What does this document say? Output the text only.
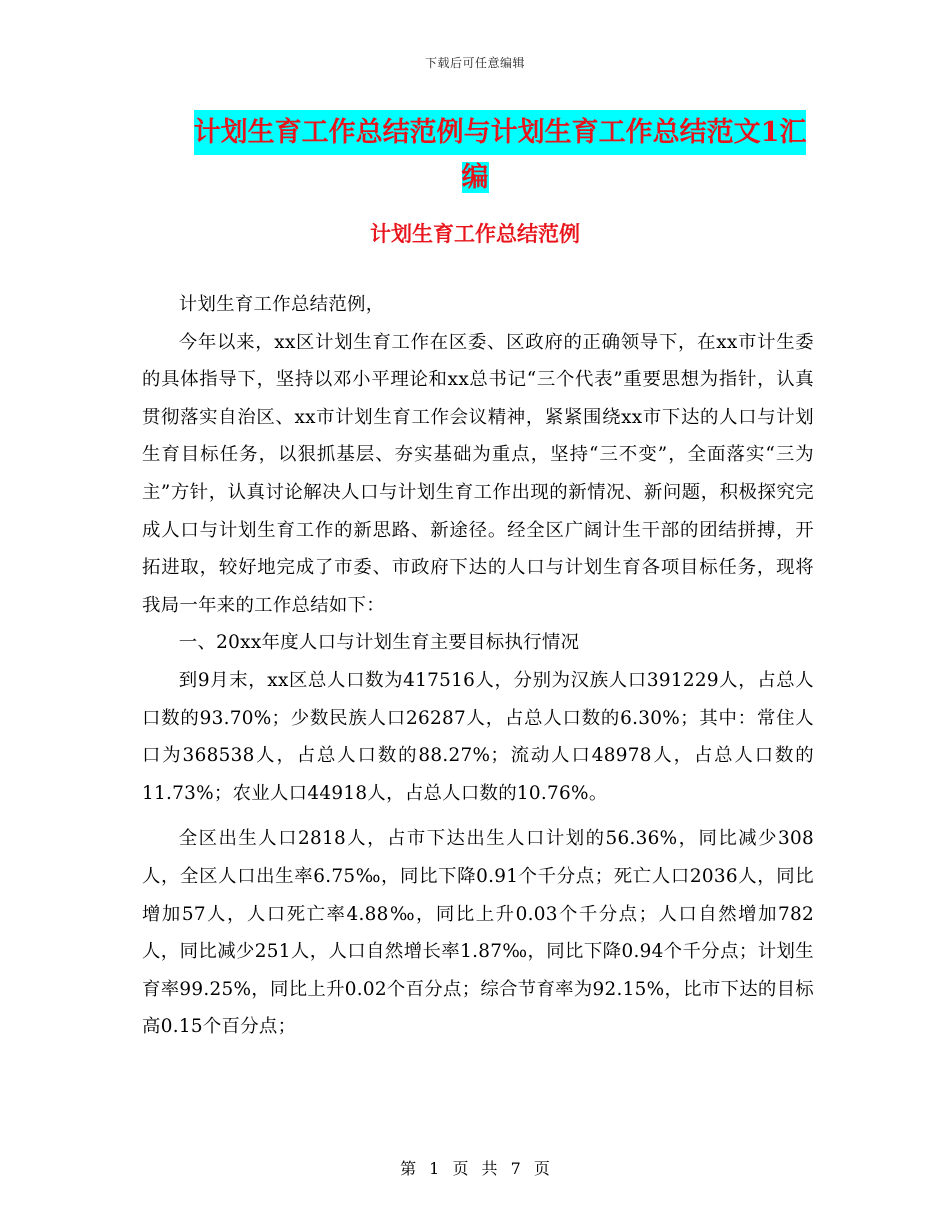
下载后可任意编辑
计划生育工作总结范例与计划生育工作总结范文1汇
编
计划生育工作总结范例

计划生育工作总结范例，

今年以来，xx区计划生育工作在区委、区政府的正确领导下，在xx市计生委的具体指导下，坚持以邓小平理论和xx总书记“三个代表”重要思想为指针，认真贯彻落实自治区、xx市计划生育工作会议精神，紧紧围绕xx市下达的人口与计划生育目标任务，以狠抓基层、夯实基础为重点，坚持“三不变”，全面落实“三为主”方针，认真讨论解决人口与计划生育工作出现的新情况、新问题，积极探究完成人口与计划生育工作的新思路、新途径。经全区广阔计生干部的团结拼搏，开拓进取，较好地完成了市委、市政府下达的人口与计划生育各项目标任务，现将我局一年来的工作总结如下：

一、20xx年度人口与计划生育主要目标执行情况

到9月末，xx区总人口数为417516人，分别为汉族人口391229人，占总人口数的93.70%；少数民族人口26287人，占总人口数的6.30%；其中：常住人口为368538人，占总人口数的88.27%；流动人口48978人，占总人口数的11.73%；农业人口44918人，占总人口数的10.76%。

全区出生人口2818人，占市下达出生人口计划的56.36%，同比减少308人，全区人口出生率6.75‰，同比下降0.91个千分点；死亡人口2036人，同比增加57人，人口死亡率4.88‰，同比上升0.03个千分点；人口自然增加782人，同比减少251人，人口自然增长率1.87‰，同比下降0.94个千分点；计划生育率99.25%，同比上升0.02个百分点；综合节育率为92.15%，比市下达的目标高0.15个百分点；

第 1 页 共 7 页
